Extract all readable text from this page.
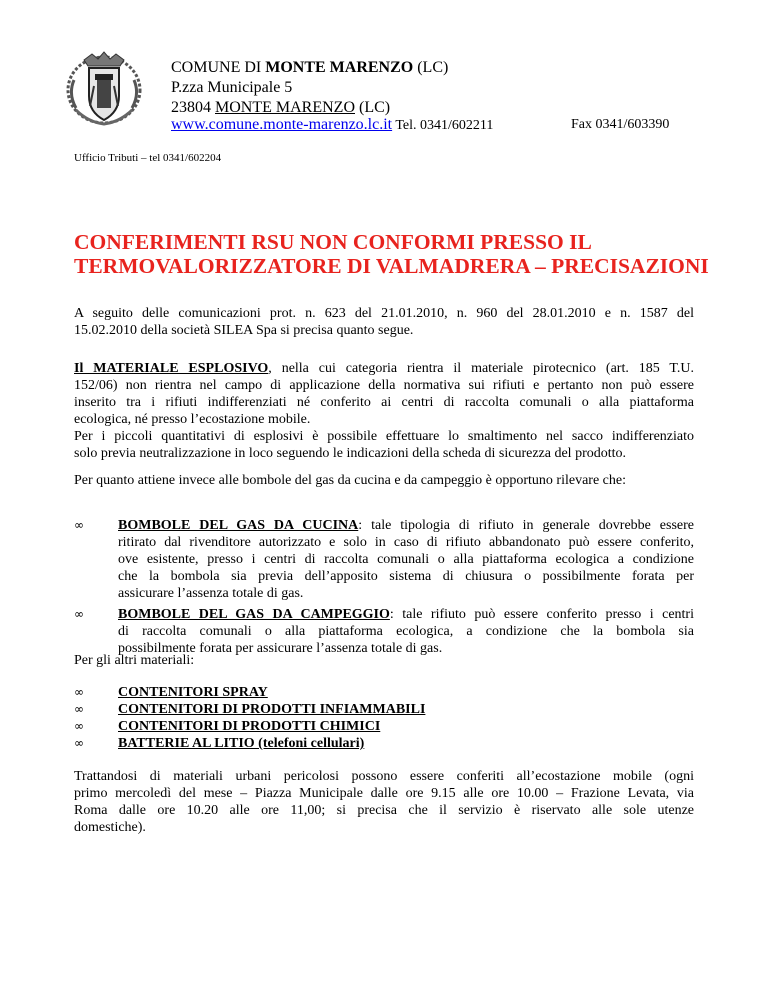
COMUNE DI MONTE MARENZO (LC)
P.zza Municipale 5
23804 MONTE MARENZO (LC)
www.comune.monte-marenzo.lc.it Tel. 0341/602211	Fax 0341/603390
Ufficio Tributi – tel 0341/602204
CONFERIMENTI RSU NON CONFORMI PRESSO IL
TERMOVALORIZZATORE DI VALMADRERA – PRECISAZIONI
A seguito delle comunicazioni prot. n. 623 del 21.01.2010, n. 960 del 28.01.2010 e n. 1587 del
15.02.2010 della società SILEA Spa si precisa quanto segue.
Il MATERIALE ESPLOSIVO, nella cui categoria rientra il materiale pirotecnico (art. 185 T.U.
152/06) non rientra nel campo di applicazione della normativa sui rifiuti e pertanto non può essere
inserito tra i rifiuti indifferenziati né conferito ai centri di raccolta comunali o alla piattaforma
ecologica, né presso l’ecostazione mobile.
Per i piccoli quantitativi di esplosivi è possibile effettuare lo smaltimento nel sacco indifferenziato
solo previa neutralizzazione in loco seguendo le indicazioni della scheda di sicurezza del prodotto.
Per quanto attiene invece alle bombole del gas da cucina e da campeggio è opportuno rilevare che:
∞ BOMBOLE DEL GAS DA CUCINA: tale tipologia di rifiuto in generale dovrebbe essere
ritirato dal rivenditore autorizzato e solo in caso di rifiuto abbandonato può essere conferito,
ove esistente, presso i centri di raccolta comunali o alla piattaforma ecologica a condizione
che la bombola sia previa dell’apposito sistema di chiusura o possibilmente forata per
assicurare l’assenza totale di gas.
∞ BOMBOLE DEL GAS DA CAMPEGGIO: tale rifiuto può essere conferito presso i centri
di raccolta comunali o alla piattaforma ecologica, a condizione che la bombola sia
possibilmente forata per assicurare l’assenza totale di gas.
Per gli altri materiali:
∞ CONTENITORI SPRAY
∞ CONTENITORI DI PRODOTTI INFIAMMABILI
∞ CONTENITORI DI PRODOTTI CHIMICI
∞ BATTERIE AL LITIO (telefoni cellulari)
Trattandosi di materiali urbani pericolosi possono essere conferiti all’ecostazione mobile (ogni
primo mercoledì del mese – Piazza Municipale dalle ore 9.15 alle ore 10.00 – Frazione Levata, via
Roma dalle ore 10.20 alle ore 11,00; si precisa che il servizio è riservato alle sole utenze
domestiche).
